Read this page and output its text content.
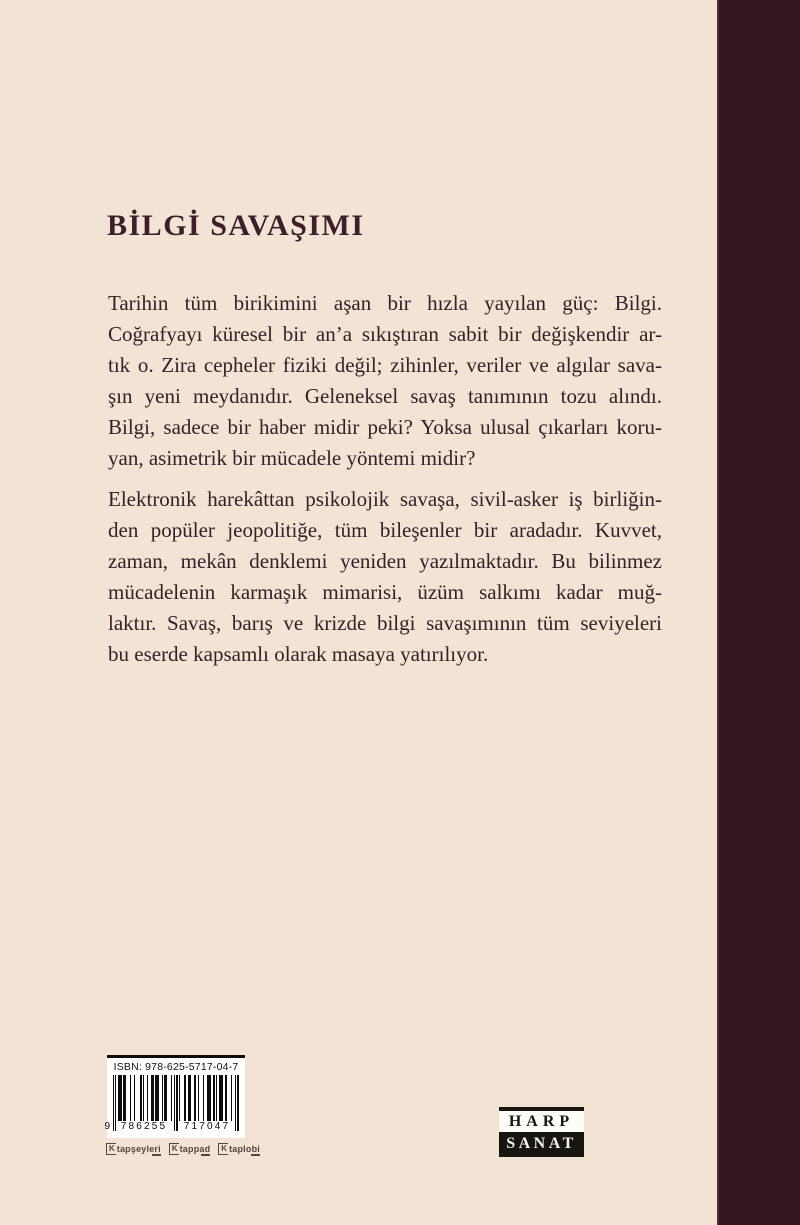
BİLGİ SAVAŞIMI
Tarihin tüm birikimini aşan bir hızla yayılan güç: Bilgi.
Coğrafyayı küresel bir an’a sıkıştıran sabit bir değişkendir ar-
tık o. Zira cepheler fiziki değil; zihinler, veriler ve algılar sava-
şın yeni meydanıdır. Geleneksel savaş tanımının tozu alındı.
Bilgi, sadece bir haber midir peki? Yoksa ulusal çıkarları koru-
yan, asimetrik bir mücadele yöntemi midir?
Elektronik harekâttan psikolojik savaşa, sivil-asker iş birliğin-
den popüler jeopolitiğe, tüm bileşenler bir aradadır. Kuvvet,
zaman, mekân denklemi yeniden yazılmaktadır. Bu bilinmez
mücadelenin karmaşık mimarisi, üzüm salkımı kadar muğ-
laktır. Savaş, barış ve krizde bilgi savaşımının tüm seviyeleri
bu eserde kapsamlı olarak masaya yatırılıyor.
ISBN: 978-625-5717-04-7
9	786255	717047
K tapşeyleri	K tappad	K taplobi
HARP
SANAT
